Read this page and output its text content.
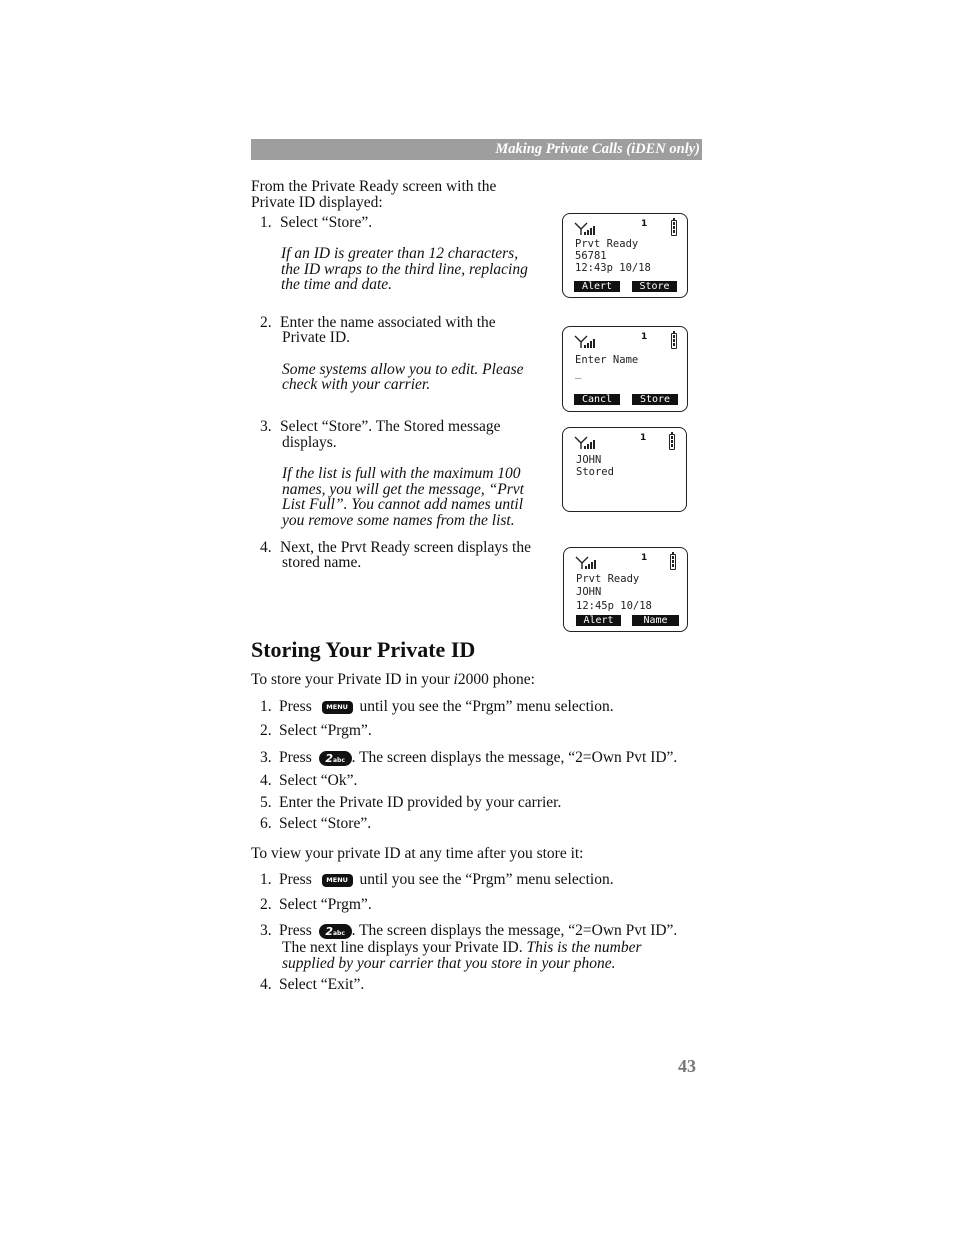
Making Private Calls (iDEN only)
From the Private Ready screen with the
Private ID displayed:
1. Select “Store”.
If an ID is greater than 12 characters,
the ID wraps to the third line, replacing
the time and date.
2. Enter the name associated with the
Private ID.
Some systems allow you to edit. Please
check with your carrier.
3. Select “Store”. The Stored message
displays.
If the list is full with the maximum 100
names, you will get the message, “Prvt
List Full”. You cannot add names until
you remove some names from the list.
4. Next, the Prvt Ready screen displays the
stored name.
1
Prvt Ready
56781
12:43p 10/18
Alert	Store
1
Enter Name
_
Cancl	Store
1
JOHN
Stored
1
Prvt Ready
JOHN
12:45p 10/18
Alert	Name
Storing Your Private ID
To store your Private ID in your i2000 phone:
1. Press MENU until you see the “Prgm” menu selection.
2. Select “Prgm”.
3. Press 2abc . The screen displays the message, “2=Own Pvt ID”.
4. Select “Ok”.
5. Enter the Private ID provided by your carrier.
6. Select “Store”.
To view your private ID at any time after you store it:
1. Press MENU until you see the “Prgm” menu selection.
2. Select “Prgm”.
3. Press 2abc . The screen displays the message, “2=Own Pvt ID”.
The next line displays your Private ID. This is the number
supplied by your carrier that you store in your phone.
4. Select “Exit”.
43
